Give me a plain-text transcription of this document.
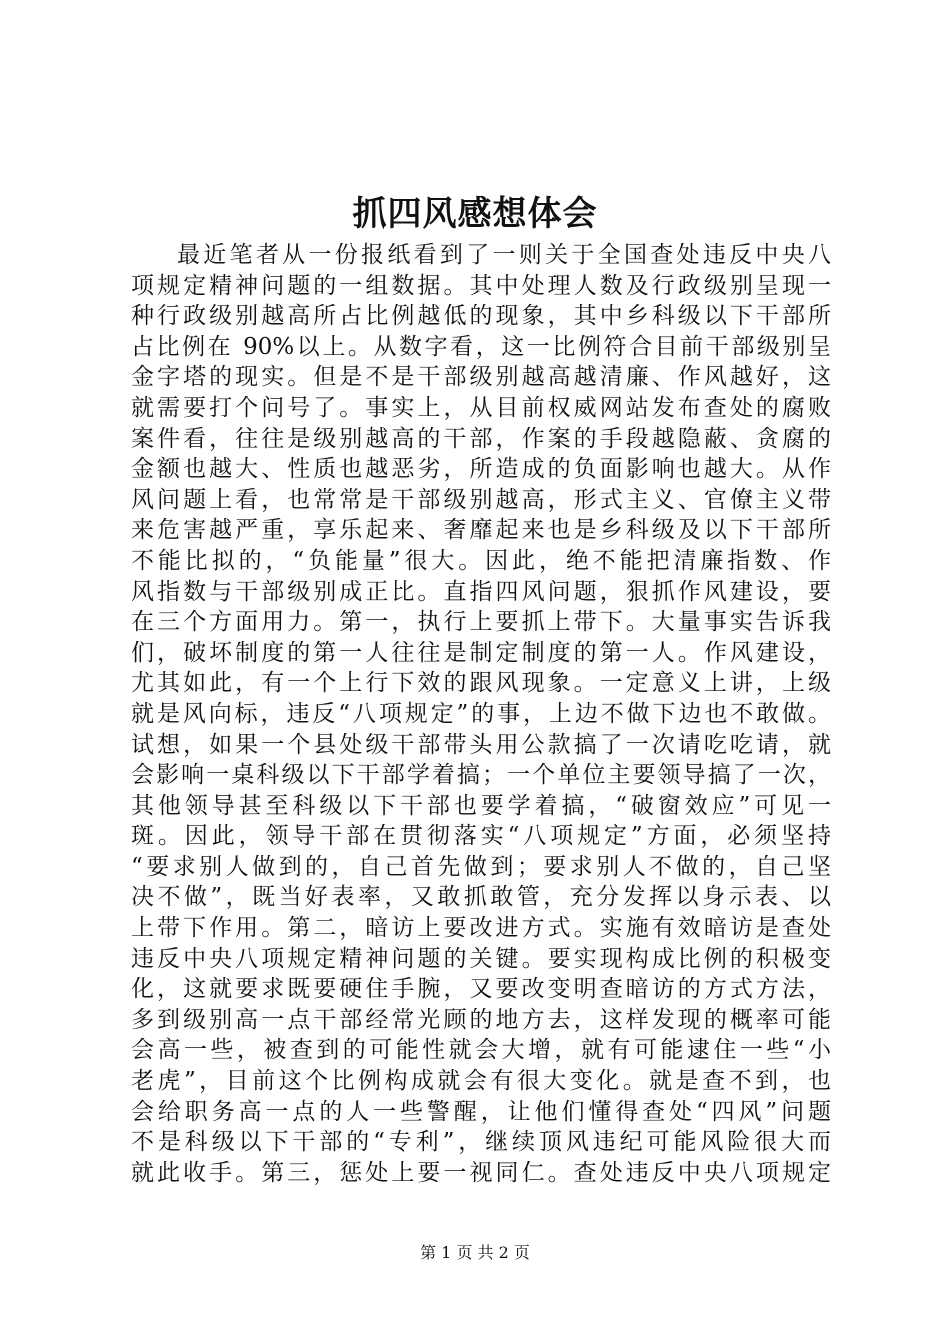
抓四风感想体会
最近笔者从一份报纸看到了一则关于全国查处违反中央八
项规定精神问题的一组数据。其中处理人数及行政级别呈现一
种行政级别越高所占比例越低的现象，其中乡科级以下干部所
占比例在 90%以上。从数字看，这一比例符合目前干部级别呈
金字塔的现实。但是不是干部级别越高越清廉、作风越好，这
就需要打个问号了。事实上，从目前权威网站发布查处的腐败
案件看，往往是级别越高的干部，作案的手段越隐蔽、贪腐的
金额也越大、性质也越恶劣，所造成的负面影响也越大。从作
风问题上看，也常常是干部级别越高，形式主义、官僚主义带
来危害越严重，享乐起来、奢靡起来也是乡科级及以下干部所
不能比拟的，“负能量”很大。因此，绝不能把清廉指数、作
风指数与干部级别成正比。直指四风问题，狠抓作风建设，要
在三个方面用力。第一，执行上要抓上带下。大量事实告诉我
们，破坏制度的第一人往往是制定制度的第一人。作风建设，
尤其如此，有一个上行下效的跟风现象。一定意义上讲，上级
就是风向标，违反“八项规定”的事，上边不做下边也不敢做。
试想，如果一个县处级干部带头用公款搞了一次请吃吃请，就
会影响一桌科级以下干部学着搞；一个单位主要领导搞了一次，
其他领导甚至科级以下干部也要学着搞，“破窗效应”可见一
斑。因此，领导干部在贯彻落实“八项规定”方面，必须坚持
“要求别人做到的，自己首先做到；要求别人不做的，自己坚
决不做”，既当好表率，又敢抓敢管，充分发挥以身示表、以
上带下作用。第二，暗访上要改进方式。实施有效暗访是查处
违反中央八项规定精神问题的关键。要实现构成比例的积极变
化，这就要求既要硬住手腕，又要改变明查暗访的方式方法，
多到级别高一点干部经常光顾的地方去，这样发现的概率可能
会高一些，被查到的可能性就会大增，就有可能逮住一些“小
老虎”，目前这个比例构成就会有很大变化。就是查不到，也
会给职务高一点的人一些警醒，让他们懂得查处“四风”问题
不是科级以下干部的“专利”，继续顶风违纪可能风险很大而
就此收手。第三，惩处上要一视同仁。查处违反中央八项规定
第 1 页 共 2 页
